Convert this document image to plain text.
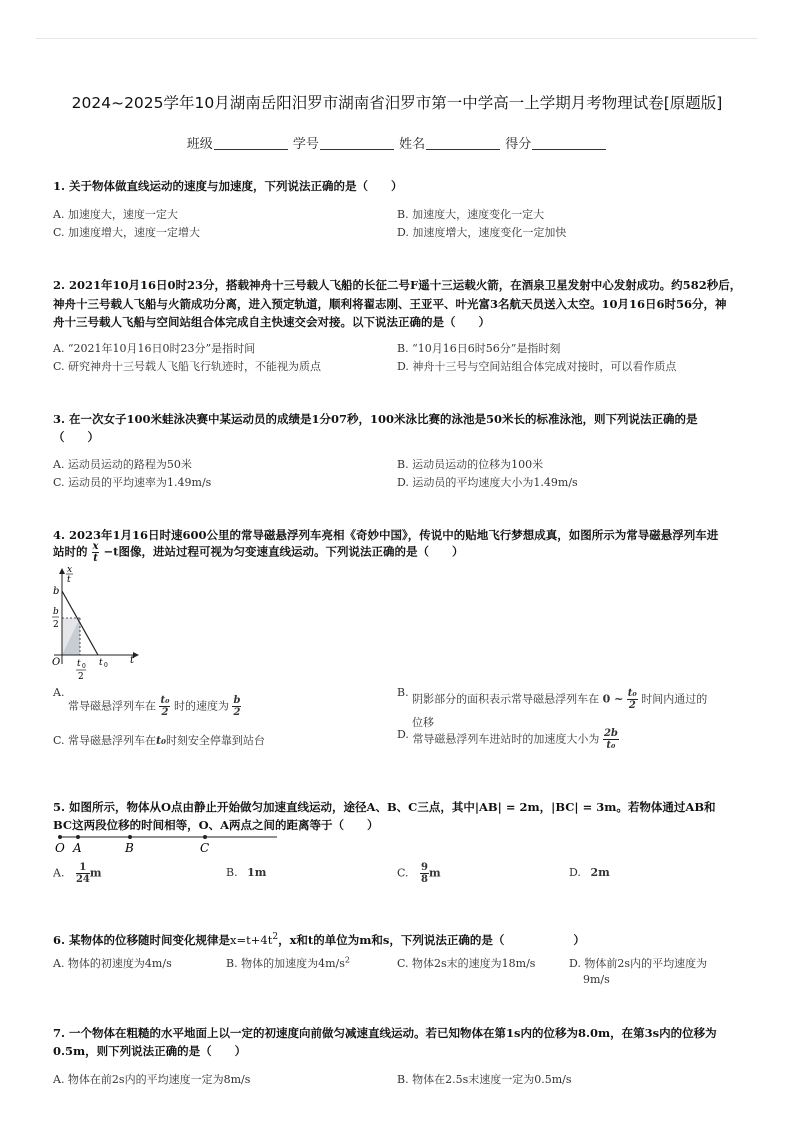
2024~2025学年10月湖南岳阳汨罗市湖南省汨罗市第一中学高一上学期月考物理试卷[原题版]
班级	学号	姓名	得分
1. 关于物体做直线运动的速度与加速度，下列说法正确的是（　　）
A. 加速度大，速度一定大	B. 加速度大，速度变化一定大
C. 加速度增大，速度一定增大	D. 加速度增大，速度变化一定加快
2. 2021年10月16日0时23分，搭载神舟十三号载人飞船的长征二号F遥十三运载火箭，在酒泉卫星发射中心发射成功。约582秒后，
神舟十三号载人飞船与火箭成功分离，进入预定轨道，顺利将翟志刚、王亚平、叶光富3名航天员送入太空。10月16日6时56分，神
舟十三号载人飞船与空间站组合体完成自主快速交会对接。以下说法正确的是（　　）
A. “2021年10月16日0时23分”是指时间	B. “10月16日6时56分”是指时刻
C. 研究神舟十三号载人飞船飞行轨迹时，不能视为质点	D. 神舟十三号与空间站组合体完成对接时，可以看作质点
3. 在一次女子100米蛙泳决赛中某运动员的成绩是1分07秒，100米泳比赛的泳池是50米长的标准泳池，则下列说法正确的是
（　　）
A. 运动员运动的路程为50米	B. 运动员运动的位移为100米
C. 运动员的平均速率为1.49m/s	D. 运动员的平均速度大小为1.49m/s
4. 2023年1月16日时速600公里的常导磁悬浮列车亮相《奇妙中国》，传说中的贴地飞行梦想成真，如图所示为常导磁悬浮列车进
站时的 $\frac{x}{t} -t$图像，进站过程可视为匀变速直线运动。下列说法正确的是（　　）
x
t
b
b
2
O t 0
2
t 0 t
A. 常导磁悬浮列车在 $\frac{\text{t₀}}{2}$ 时的速度为 $\frac{b}{2}$
B. 阴影部分的面积表示常导磁悬浮列车在 0 ~ $\frac{\text{t₀}}{2}$ 时间内通过的
位移
C. 常导磁悬浮列车在t₀时刻安全停靠到站台	D. 常导磁悬浮列车进站时的加速度大小为 $\frac{2b}{\text{t₀}}$
5. 如图所示，物体从O点由静止开始做匀加速直线运动，途径A、B、C三点，其中|AB| = 2m，|BC| = 3m。若物体通过AB和
BC这两段位移的时间相等，O、A两点之间的距离等于（　　）
O A	B	C
A. $\frac{1}{24}$ m	B. 1m	C. $\frac{9}{8}$ m	D. 2m
6. 某物体的位移随时间变化规律是$x=t+4t^2$，x和t的单位为m和s，下列说法正确的是（　　　　　　）
A. 物体的初速度为4m/s	B. 物体的加速度为$4m/s^2$	C. 物体2s末的速度为18m/s	D. 物体前2s内的平均速度为
9m/s
7. 一个物体在粗糙的水平地面上以一定的初速度向前做匀减速直线运动。若已知物体在第1s内的位移为8.0m，在第3s内的位移为
0.5m，则下列说法正确的是（　　）
A. 物体在前2s内的平均速度一定为8m/s	B. 物体在2.5s末速度一定为0.5m/s
